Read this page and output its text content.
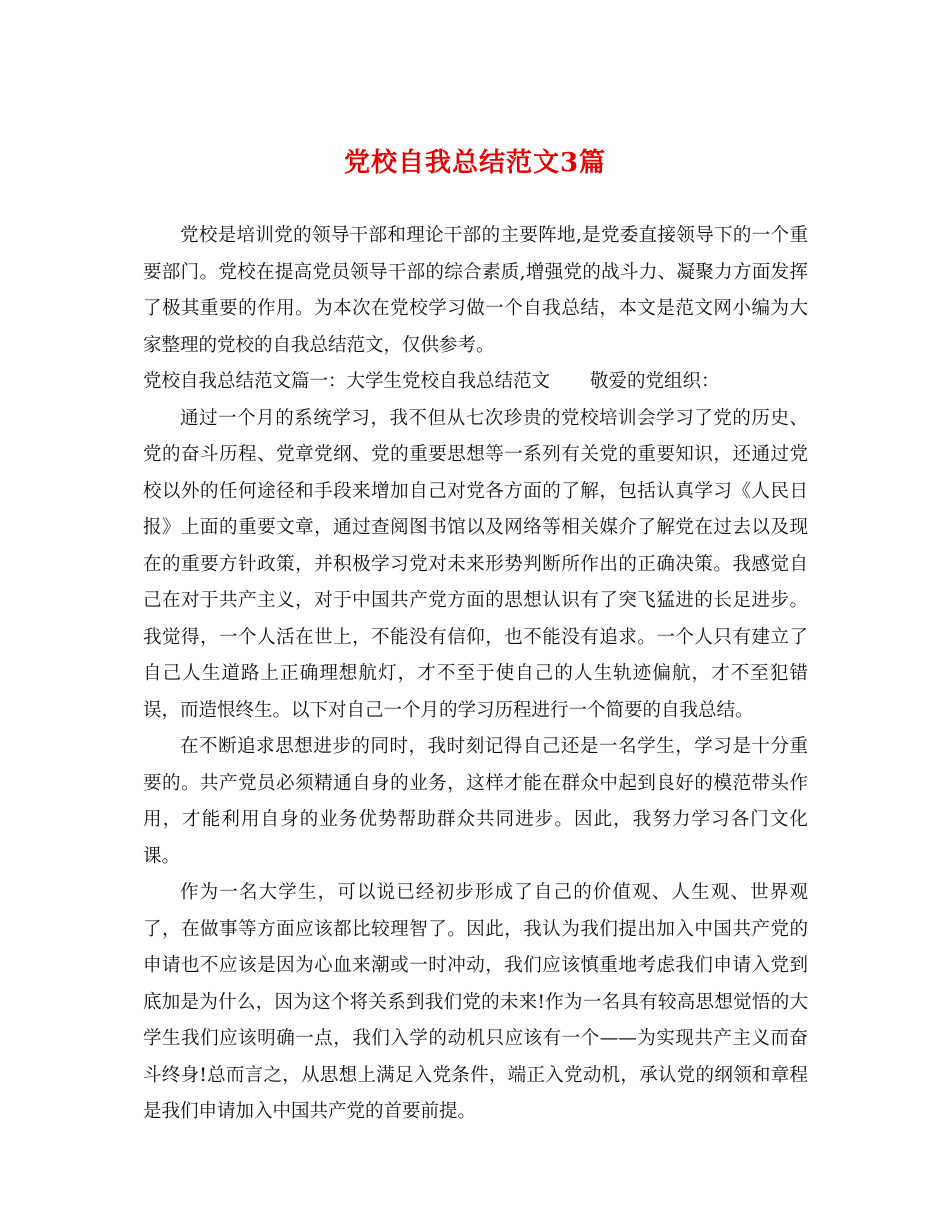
党校自我总结范文3篇

党校是培训党的领导干部和理论干部的主要阵地,是党委直接领导下的一个重要部门。党校在提高党员领导干部的综合素质,增强党的战斗力、凝聚力方面发挥了极其重要的作用。为本次在党校学习做一个自我总结，本文是范文网小编为大家整理的党校的自我总结范文，仅供参考。

党校自我总结范文篇一：大学生党校自我总结范文 敬爱的党组织：

通过一个月的系统学习，我不但从七次珍贵的党校培训会学习了党的历史、党的奋斗历程、党章党纲、党的重要思想等一系列有关党的重要知识，还通过党校以外的任何途径和手段来增加自己对党各方面的了解，包括认真学习《人民日报》上面的重要文章，通过查阅图书馆以及网络等相关媒介了解党在过去以及现在的重要方针政策，并积极学习党对未来形势判断所作出的正确决策。我感觉自己在对于共产主义，对于中国共产党方面的思想认识有了突飞猛进的长足进步。我觉得，一个人活在世上，不能没有信仰，也不能没有追求。一个人只有建立了自己人生道路上正确理想航灯，才不至于使自己的人生轨迹偏航，才不至犯错误，而造恨终生。以下对自己一个月的学习历程进行一个简要的自我总结。

在不断追求思想进步的同时，我时刻记得自己还是一名学生，学习是十分重要的。共产党员必须精通自身的业务，这样才能在群众中起到良好的模范带头作用，才能利用自身的业务优势帮助群众共同进步。因此，我努力学习各门文化课。

作为一名大学生，可以说已经初步形成了自己的价值观、人生观、世界观了，在做事等方面应该都比较理智了。因此，我认为我们提出加入中国共产党的申请也不应该是因为心血来潮或一时冲动，我们应该慎重地考虑我们申请入党到底加是为什么，因为这个将关系到我们党的未来!作为一名具有较高思想觉悟的大学生我们应该明确一点，我们入学的动机只应该有一个——为实现共产主义而奋斗终身!总而言之，从思想上满足入党条件，端正入党动机，承认党的纲领和章程是我们申请加入中国共产党的首要前提。
